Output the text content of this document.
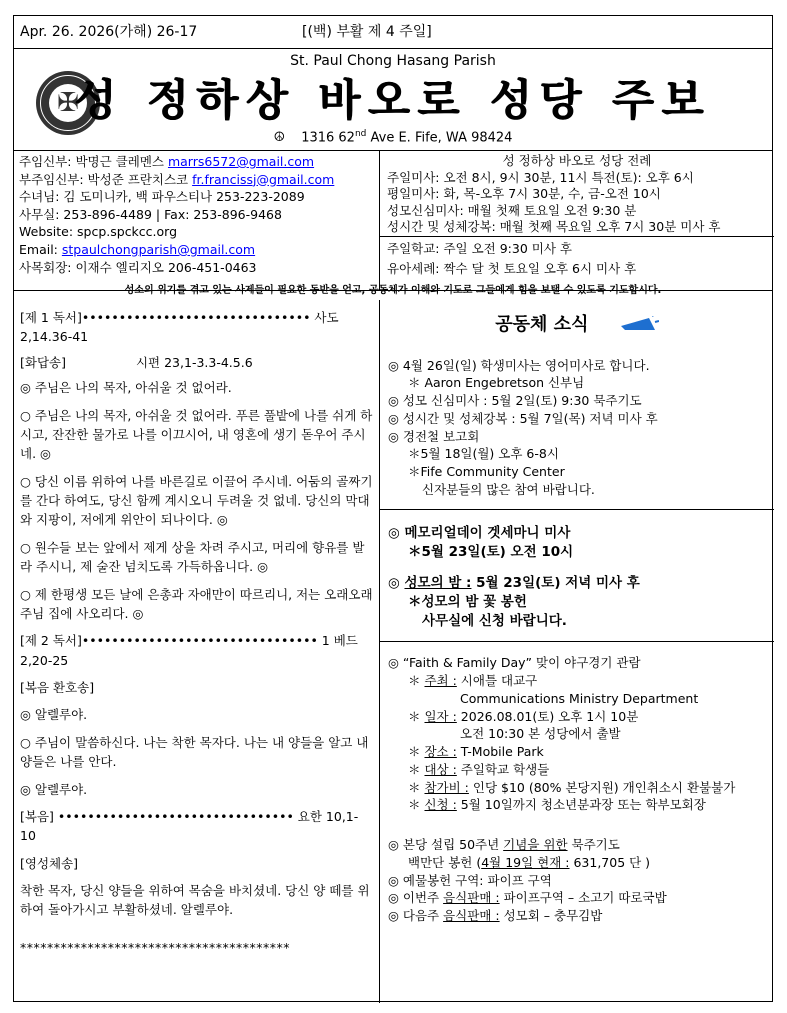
Apr. 26. 2026(가해) 26-17	[(백) 부활 제 4 주일]
St. Paul Chong Hasang Parish
✠
성 정하상 바오로 성당 주보
☮ 1316 62nd Ave E. Fife, WA 98424
주임신부: 박명근 클레멘스 marrs6572@gmail.com
부주임신부: 박성준 프란치스코 fr.francissj@gmail.com
수녀님: 김 도미니카, 백 파우스티나 253-223-2089
사무실: 253-896-4489 | Fax: 253-896-9468
Website: spcp.spckcc.org
Email: stpaulchongparish@gmail.com
사목회장: 이재수 엘리지오 206-451-0463
성 정하상 바오로 성당 전례
주일미사: 오전 8시, 9시 30분, 11시 특전(토): 오후 6시
평일미사: 화, 목-오후 7시 30분, 수, 금-오전 10시
성모신심미사: 매월 첫째 토요일 오전 9:30 분
성시간 및 성체강복: 매월 첫째 목요일 오후 7시 30분 미사 후
주일학교: 주일 오전 9:30 미사 후
유아세례: 짝수 달 첫 토요일 오후 6시 미사 후
성소의 위기를 겪고 있는 사제들이 필요한 동반을 얻고, 공동체가 이해와 기도로 그들에게 힘을 보탤 수 있도록 기도합시다.

[제 1 독서]••••••••••••••••••••••••••••••• 사도 2,14.36-41

[화답송]	시편 23,1-3.3-4.5.6

◎ 주님은 나의 목자, 아쉬울 것 없어라.

○ 주님은 나의 목자, 아쉬울 것 없어라. 푸른 풀밭에 나를 쉬게 하시고, 잔잔한 물가로 나를 이끄시어, 내 영혼에 생기 돋우어 주시네. ◎

○ 당신 이름 위하여 나를 바른길로 이끌어 주시네. 어둠의 골짜기를 간다 하여도, 당신 함께 계시오니 두려울 것 없네. 당신의 막대와 지팡이, 저에게 위안이 되나이다. ◎

○ 원수들 보는 앞에서 제게 상을 차려 주시고, 머리에 향유를 발라 주시니, 제 술잔 넘치도록 가득하옵니다. ◎

○ 제 한평생 모든 날에 은총과 자애만이 따르리니, 저는 오래오래 주님 집에 사오리다. ◎

[제 2 독서]•••••••••••••••••••••••••••••••• 1 베드 2,20-25

[복음 환호송]

◎ 알렐루야.

○ 주님이 말씀하신다. 나는 착한 목자다. 나는 내 양들을 알고 내 양들은 나를 안다.

◎ 알렐루야.

[복음] •••••••••••••••••••••••••••••••• 요한 10,1-10

[영성체송]

착한 목자, 당신 양들을 위하여 목숨을 바치셨네. 당신 양 떼를 위하여 돌아가시고 부활하셨네. 알렐루야.

****************************************

공동체 소식
◎ 4월 26일(일) 학생미사는 영어미사로 합니다.
＊ Aaron Engebretson 신부님
◎ 성모 신심미사 : 5월 2일(토) 9:30 묵주기도
◎ 성시간 및 성체강복 : 5월 7일(목) 저녁 미사 후
◎ 경전철 보고회
＊5월 18일(월) 오후 6-8시
＊Fife Community Center
신자분들의 많은 참여 바랍니다.
◎ 메모리얼데이 겟세마니 미사
＊5월 23일(토) 오전 10시
◎ 성모의 밤 : 5월 23일(토) 저녁 미사 후
＊성모의 밤 꽃 봉헌
사무실에 신청 바랍니다.
◎ “Faith & Family Day” 맞이 야구경기 관람
＊ 주최 : 시애틀 대교구
Communications Ministry Department
＊ 일자 : 2026.08.01(토) 오후 1시 10분
오전 10:30 본 성당에서 출발
＊ 장소 : T-Mobile Park
＊ 대상 : 주일학교 학생들
＊ 참가비 : 인당 $10 (80% 본당지원) 개인취소시 환불불가
＊ 신청 : 5월 10일까지 청소년분과장 또는 학부모회장
◎ 본당 설립 50주년 기념을 위한 묵주기도
백만단 봉헌 (4월 19일 현재 : 631,705 단 )
◎ 예물봉헌 구역: 파이프 구역
◎ 이번주 음식판매 : 파이프구역 – 소고기 따로국밥
◎ 다음주 음식판매 : 성모회 – 충무김밥
